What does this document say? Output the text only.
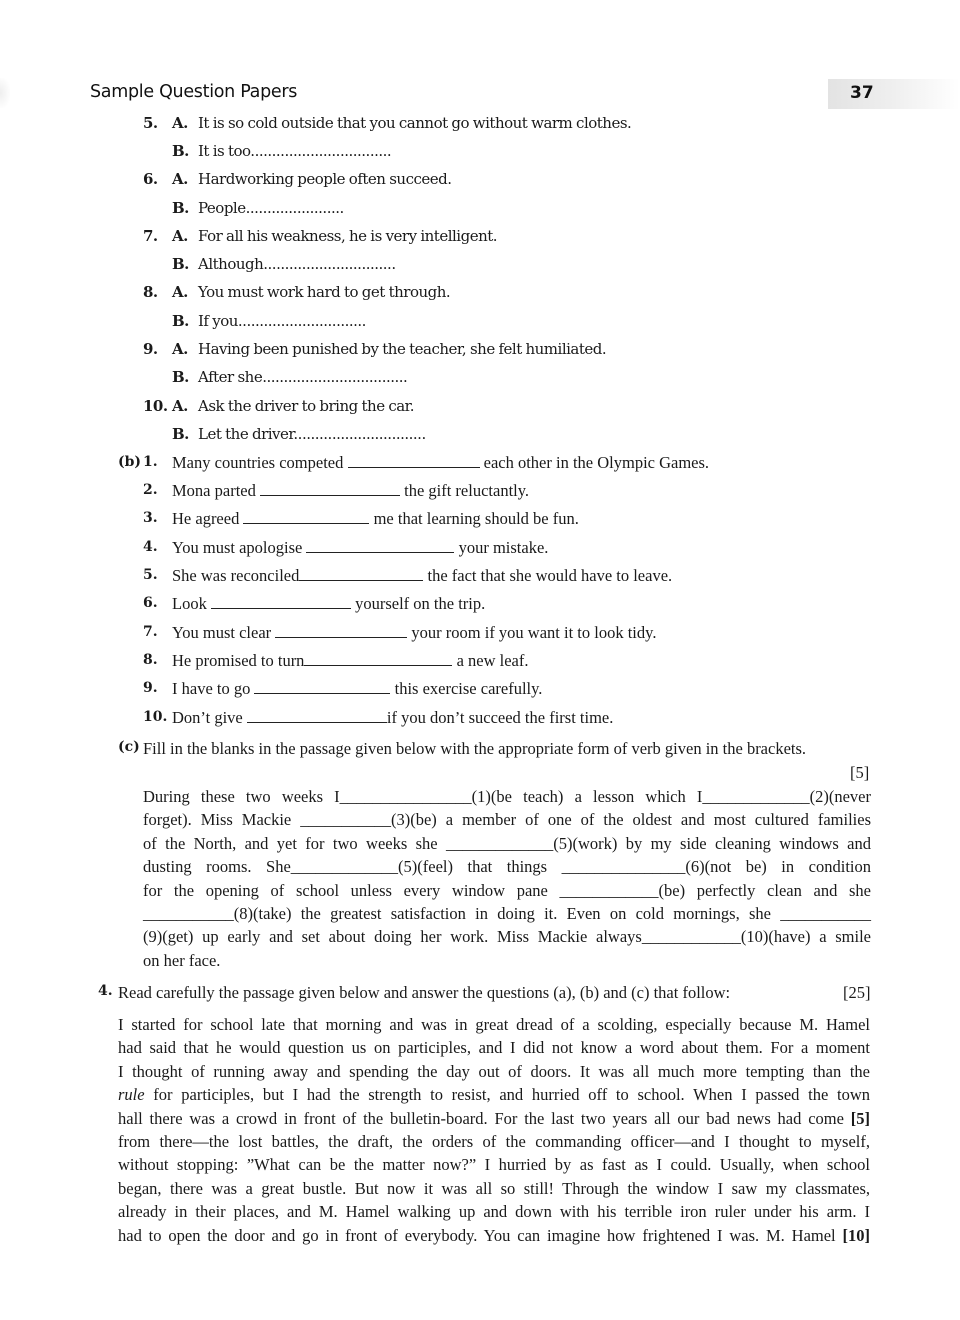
Sample Question Papers	37
5. A. It is so cold outside that you cannot go without warm clothes.
B. It is too.................................
6. A. Hardworking people often succeed.
B. People.......................
7. A. For all his weakness, he is very intelligent.
B. Although...............................
8. A. You must work hard to get through.
B. If you..............................
9. A. Having been punished by the teacher, she felt humiliated.
B. After she..................................
10. A. Ask the driver to bring the car.
B. Let the driver...............................
(b) 1. Many countries competed	each other in the Olympic Games.
2. Mona parted	the gift reluctantly.
3. He agreed	me that learning should be fun.
4. You must apologise	your mistake.
5. She was reconciled	the fact that she would have to leave.
6. Look	yourself on the trip.
7. You must clear	your room if you want it to look tidy.
8. He promised to turn	a new leaf.
9. I have to go	this exercise carefully.
10. Don’t give	if you don’t succeed the first time.
(c) Fill in the blanks in the passage given below with the appropriate form of verb given in the brackets.
[5]
During these two weeks I________________(1)(be teach) a lesson which I_____________(2)(never
forget). Miss Mackie ___________(3)(be) a member of one of the oldest and most cultured families
of the North, and yet for two weeks she _____________(5)(work) by my side cleaning windows and
dusting rooms. She_____________(5)(feel) that things _______________(6)(not be) in condition
for the opening of school unless every window pane ____________(be) perfectly clean and she
___________(8)(take) the greatest satisfaction in doing it. Even on cold mornings, she ___________
(9)(get) up early and set about doing her work. Miss Mackie always____________(10)(have) a smile
on her face.
4. Read carefully the passage given below and answer the questions (a), (b) and (c) that follow:	[25]
I started for school late that morning and was in great dread of a scolding, especially because M. Hamel
had said that he would question us on participles, and I did not know a word about them. For a moment
I thought of running away and spending the day out of doors. It was all much more tempting than the
rule for participles, but I had the strength to resist, and hurried off to school. When I passed the town
hall there was a crowd in front of the bulletin-board. For the last two years all our bad news had come [5]
from there—the lost battles, the draft, the orders of the commanding officer—and I thought to myself,
without stopping: ”What can be the matter now?” I hurried by as fast as I could. Usually, when school
began, there was a great bustle. But now it was all so still! Through the window I saw my classmates,
already in their places, and M. Hamel walking up and down with his terrible iron ruler under his arm. I
had to open the door and go in front of everybody. You can imagine how frightened I was. M. Hamel [10]
